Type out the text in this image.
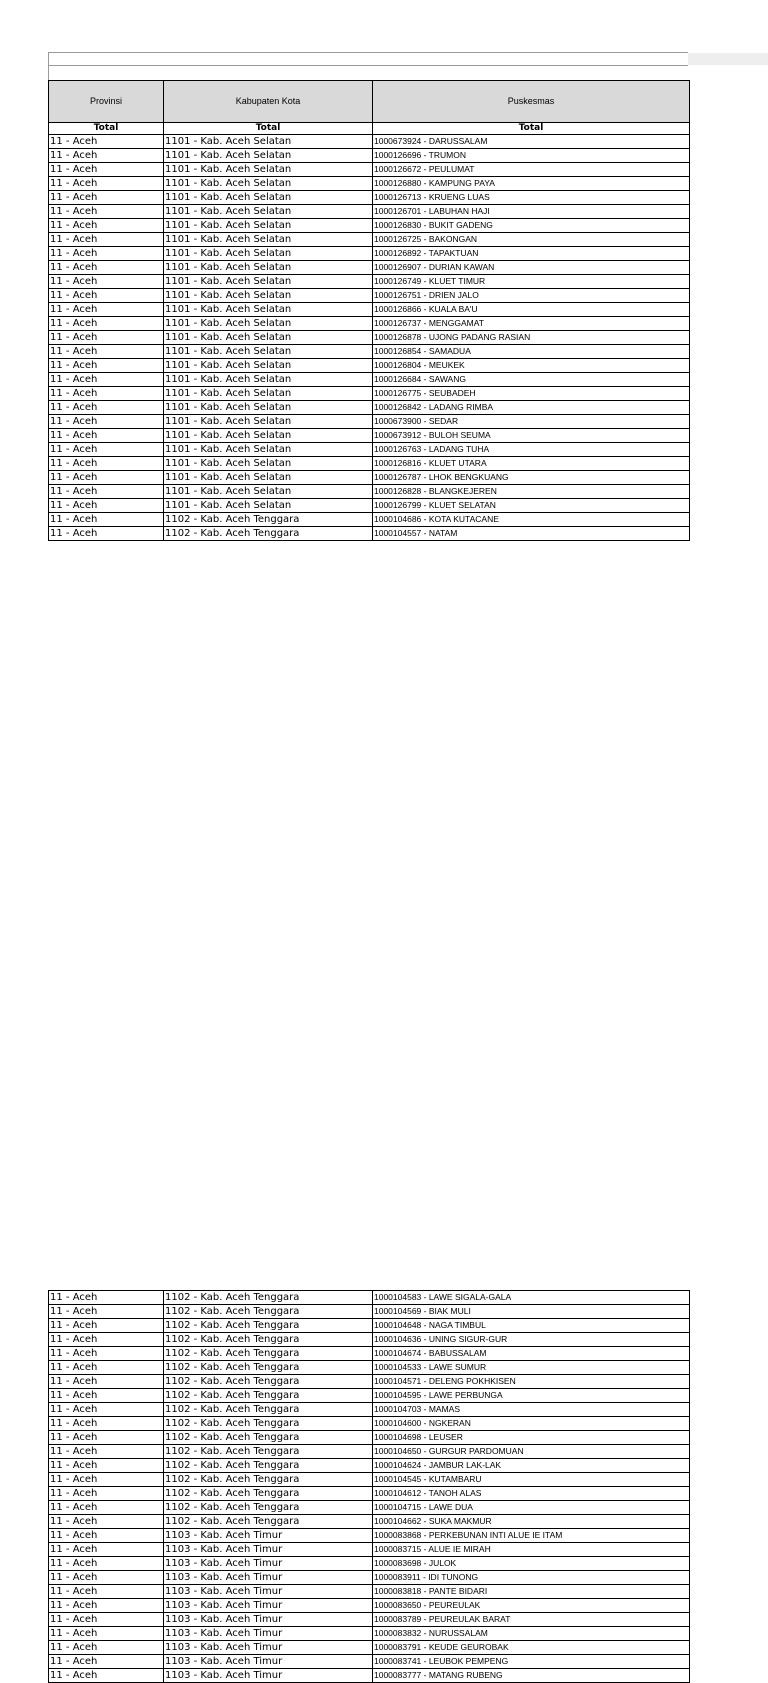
Provinsi	Kabupaten Kota	Puskesmas
Total	Total	Total
11 - Aceh	1101 - Kab. Aceh Selatan	1000673924 - DARUSSALAM
11 - Aceh	1101 - Kab. Aceh Selatan	1000126696 - TRUMON
11 - Aceh	1101 - Kab. Aceh Selatan	1000126672 - PEULUMAT
11 - Aceh	1101 - Kab. Aceh Selatan	1000126880 - KAMPUNG PAYA
11 - Aceh	1101 - Kab. Aceh Selatan	1000126713 - KRUENG LUAS
11 - Aceh	1101 - Kab. Aceh Selatan	1000126701 - LABUHAN HAJI
11 - Aceh	1101 - Kab. Aceh Selatan	1000126830 - BUKIT GADENG
11 - Aceh	1101 - Kab. Aceh Selatan	1000126725 - BAKONGAN
11 - Aceh	1101 - Kab. Aceh Selatan	1000126892 - TAPAKTUAN
11 - Aceh	1101 - Kab. Aceh Selatan	1000126907 - DURIAN KAWAN
11 - Aceh	1101 - Kab. Aceh Selatan	1000126749 - KLUET TIMUR
11 - Aceh	1101 - Kab. Aceh Selatan	1000126751 - DRIEN JALO
11 - Aceh	1101 - Kab. Aceh Selatan	1000126866 - KUALA BA'U
11 - Aceh	1101 - Kab. Aceh Selatan	1000126737 - MENGGAMAT
11 - Aceh	1101 - Kab. Aceh Selatan	1000126878 - UJONG PADANG RASIAN
11 - Aceh	1101 - Kab. Aceh Selatan	1000126854 - SAMADUA
11 - Aceh	1101 - Kab. Aceh Selatan	1000126804 - MEUKEK
11 - Aceh	1101 - Kab. Aceh Selatan	1000126684 - SAWANG
11 - Aceh	1101 - Kab. Aceh Selatan	1000126775 - SEUBADEH
11 - Aceh	1101 - Kab. Aceh Selatan	1000126842 - LADANG RIMBA
11 - Aceh	1101 - Kab. Aceh Selatan	1000673900 - SEDAR
11 - Aceh	1101 - Kab. Aceh Selatan	1000673912 - BULOH SEUMA
11 - Aceh	1101 - Kab. Aceh Selatan	1000126763 - LADANG TUHA
11 - Aceh	1101 - Kab. Aceh Selatan	1000126816 - KLUET UTARA
11 - Aceh	1101 - Kab. Aceh Selatan	1000126787 - LHOK BENGKUANG
11 - Aceh	1101 - Kab. Aceh Selatan	1000126828 - BLANGKEJEREN
11 - Aceh	1101 - Kab. Aceh Selatan	1000126799 - KLUET SELATAN
11 - Aceh	1102 - Kab. Aceh Tenggara	1000104686 - KOTA KUTACANE
11 - Aceh	1102 - Kab. Aceh Tenggara	1000104557 - NATAM
11 - Aceh	1102 - Kab. Aceh Tenggara	1000104583 - LAWE SIGALA-GALA
11 - Aceh	1102 - Kab. Aceh Tenggara	1000104569 - BIAK MULI
11 - Aceh	1102 - Kab. Aceh Tenggara	1000104648 - NAGA TIMBUL
11 - Aceh	1102 - Kab. Aceh Tenggara	1000104636 - UNING SIGUR-GUR
11 - Aceh	1102 - Kab. Aceh Tenggara	1000104674 - BABUSSALAM
11 - Aceh	1102 - Kab. Aceh Tenggara	1000104533 - LAWE SUMUR
11 - Aceh	1102 - Kab. Aceh Tenggara	1000104571 - DELENG POKHKISEN
11 - Aceh	1102 - Kab. Aceh Tenggara	1000104595 - LAWE PERBUNGA
11 - Aceh	1102 - Kab. Aceh Tenggara	1000104703 - MAMAS
11 - Aceh	1102 - Kab. Aceh Tenggara	1000104600 - NGKERAN
11 - Aceh	1102 - Kab. Aceh Tenggara	1000104698 - LEUSER
11 - Aceh	1102 - Kab. Aceh Tenggara	1000104650 - GURGUR PARDOMUAN
11 - Aceh	1102 - Kab. Aceh Tenggara	1000104624 - JAMBUR LAK-LAK
11 - Aceh	1102 - Kab. Aceh Tenggara	1000104545 - KUTAMBARU
11 - Aceh	1102 - Kab. Aceh Tenggara	1000104612 - TANOH ALAS
11 - Aceh	1102 - Kab. Aceh Tenggara	1000104715 - LAWE DUA
11 - Aceh	1102 - Kab. Aceh Tenggara	1000104662 - SUKA MAKMUR
11 - Aceh	1103 - Kab. Aceh Timur	1000083868 - PERKEBUNAN INTI ALUE IE ITAM
11 - Aceh	1103 - Kab. Aceh Timur	1000083715 - ALUE IE MIRAH
11 - Aceh	1103 - Kab. Aceh Timur	1000083698 - JULOK
11 - Aceh	1103 - Kab. Aceh Timur	1000083911 - IDI TUNONG
11 - Aceh	1103 - Kab. Aceh Timur	1000083818 - PANTE BIDARI
11 - Aceh	1103 - Kab. Aceh Timur	1000083650 - PEUREULAK
11 - Aceh	1103 - Kab. Aceh Timur	1000083789 - PEUREULAK BARAT
11 - Aceh	1103 - Kab. Aceh Timur	1000083832 - NURUSSALAM
11 - Aceh	1103 - Kab. Aceh Timur	1000083791 - KEUDE GEUROBAK
11 - Aceh	1103 - Kab. Aceh Timur	1000083741 - LEUBOK PEMPENG
11 - Aceh	1103 - Kab. Aceh Timur	1000083777 - MATANG RUBENG
